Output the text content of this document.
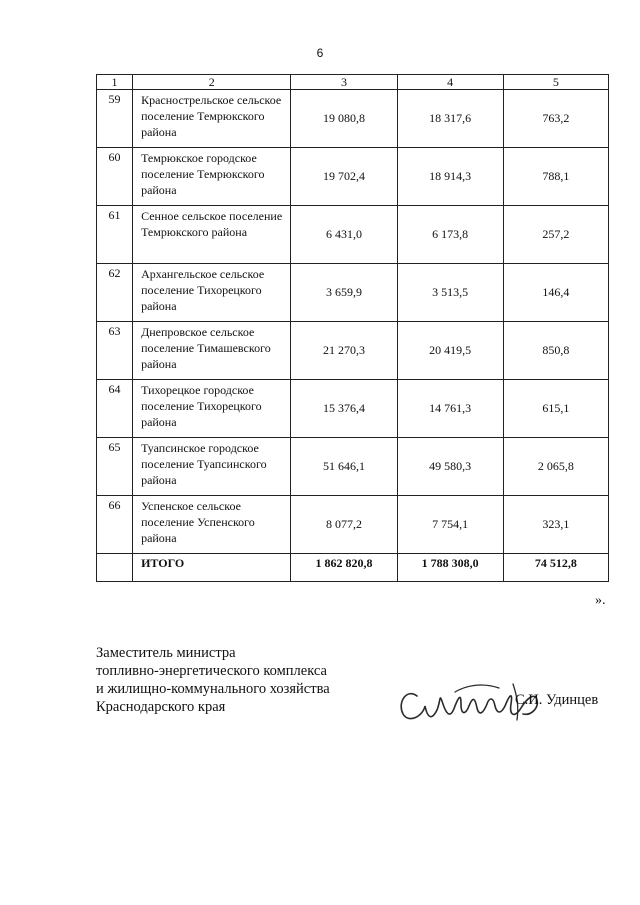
6
1	2	3	4	5
59	Краснострельское сельское поселение Темрюкского района	19 080,8	18 317,6	763,2
60	Темрюкское городское поселение Темрюкского района	19 702,4	18 914,3	788,1
61	Сенное сельское поселение Темрюкского района	6 431,0	6 173,8	257,2
62	Архангельское сельское поселение Тихорецкого района	3 659,9	3 513,5	146,4
63	Днепровское сельское поселение Тимашевского района	21 270,3	20 419,5	850,8
64	Тихорецкое городское поселение Тихорецкого района	15 376,4	14 761,3	615,1
65	Туапсинское городское поселение Туапсинского района	51 646,1	49 580,3	2 065,8
66	Успенское сельское поселение Успенского района	8 077,2	7 754,1	323,1
	ИТОГО	1 862 820,8	1 788 308,0	74 512,8
».
Заместитель министра
топливно-энергетического комплекса
и жилищно-коммунального хозяйства
Краснодарского края	С.И. Удинцев
